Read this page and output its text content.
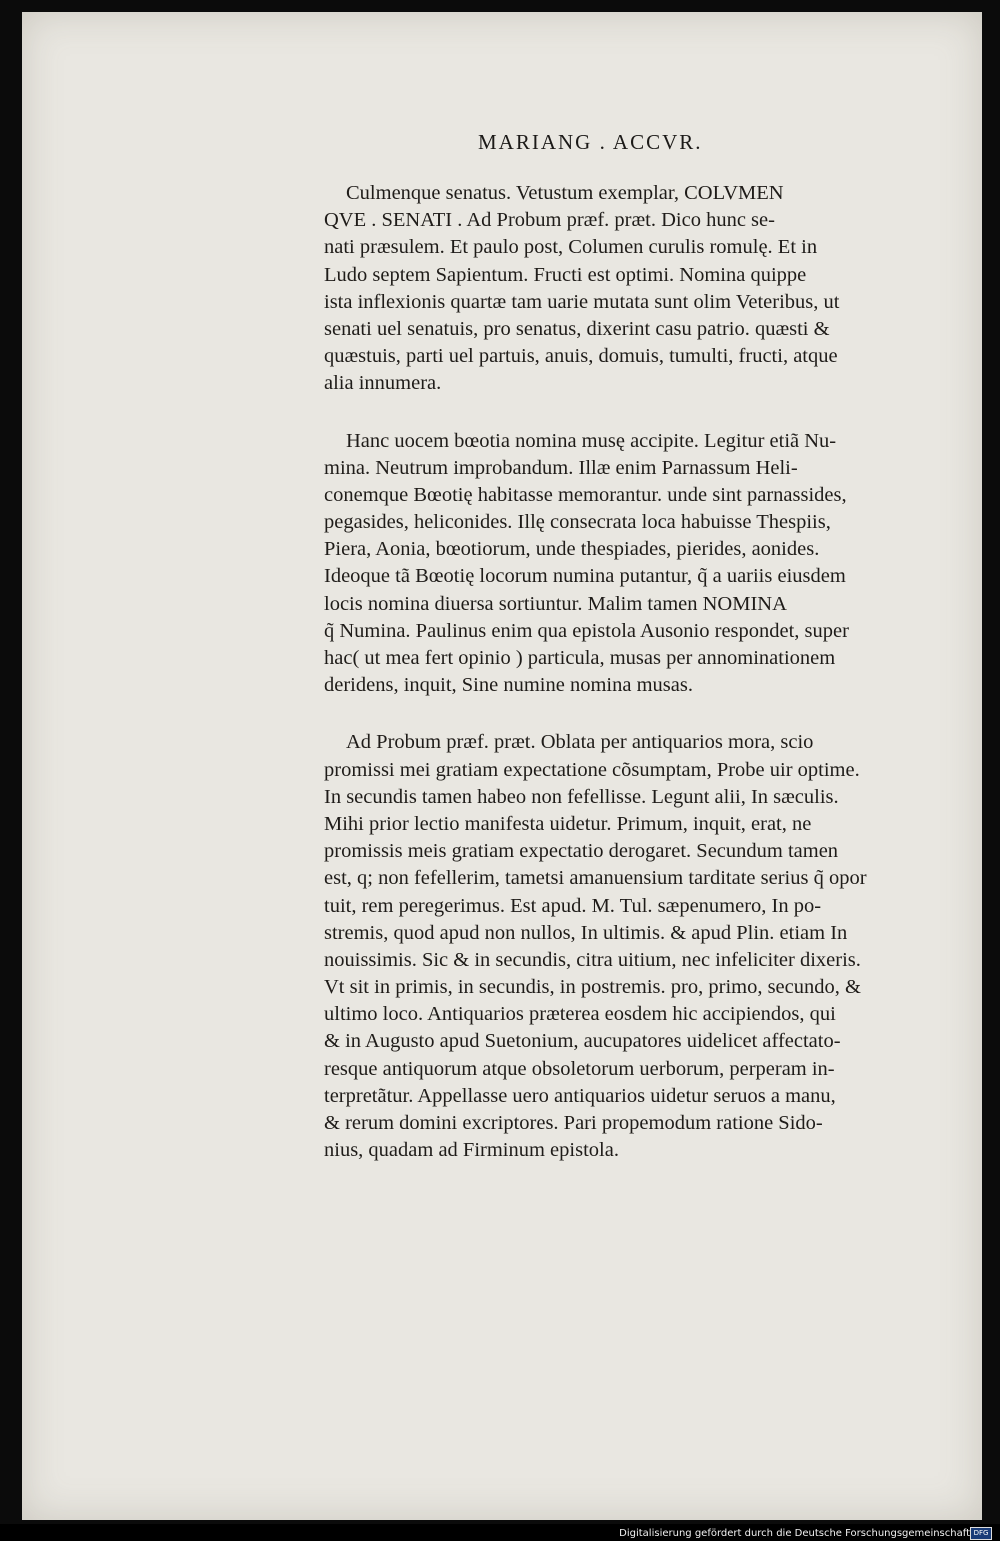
MARIANG . ACCVR.
Culmenque senatus. Vetustum exemplar, COLVMEN
QVE . SENATI . Ad Probum præf. præt. Dico hunc se-
nati præsulem. Et paulo post, Columen curulis romulę. Et in
Ludo septem Sapientum. Fructi est optimi. Nomina quippe
ista inflexionis quartæ tam uarie mutata sunt olim Veteribus, ut
senati uel senatuis, pro senatus, dixerint casu patrio. quæsti &
quæstuis, parti uel partuis, anuis, domuis, tumulti, fructi, atque
alia innumera.
Hanc uocem bœotia nomina musę accipite. Legitur etiã Nu-
mina. Neutrum improbandum. Illæ enim Parnassum Heli-
conemque Bœotię habitasse memorantur. unde sint parnassides,
pegasides, heliconides. Illę consecrata loca habuisse Thespiis,
Piera, Aonia, bœotiorum, unde thespiades, pierides, aonides.
Ideoque tã Bœotię locorum numina putantur, q̃ a uariis eiusdem
locis nomina diuersa sortiuntur. Malim tamen NOMINA
q̃ Numina. Paulinus enim qua epistola Ausonio respondet, super
hac( ut mea fert opinio ) particula, musas per annominationem
deridens, inquit, Sine numine nomina musas.
Ad Probum præf. præt. Oblata per antiquarios mora, scio
promissi mei gratiam expectatione cõsumptam, Probe uir optime.
In secundis tamen habeo non fefellisse. Legunt alii, In sæculis.
Mihi prior lectio manifesta uidetur. Primum, inquit, erat, ne
promissis meis gratiam expectatio derogaret. Secundum tamen
est, q; non fefellerim, tametsi amanuensium tarditate serius q̃ opor
tuit, rem peregerimus. Est apud. M. Tul. sæpenumero, In po-
stremis, quod apud non nullos, In ultimis. & apud Plin. etiam In
nouissimis. Sic & in secundis, citra uitium, nec infeliciter dixeris.
Vt sit in primis, in secundis, in postremis. pro, primo, secundo, &
ultimo loco. Antiquarios præterea eosdem hic accipiendos, qui
& in Augusto apud Suetonium, aucupatores uidelicet affectato-
resque antiquorum atque obsoletorum uerborum, perperam in-
terpretãtur. Appellasse uero antiquarios uidetur seruos a manu,
& rerum domini excriptores. Pari propemodum ratione Sido-
nius, quadam ad Firminum epistola.
Digitalisierung gefördert durch die Deutsche Forschungsgemeinschaft DFG
